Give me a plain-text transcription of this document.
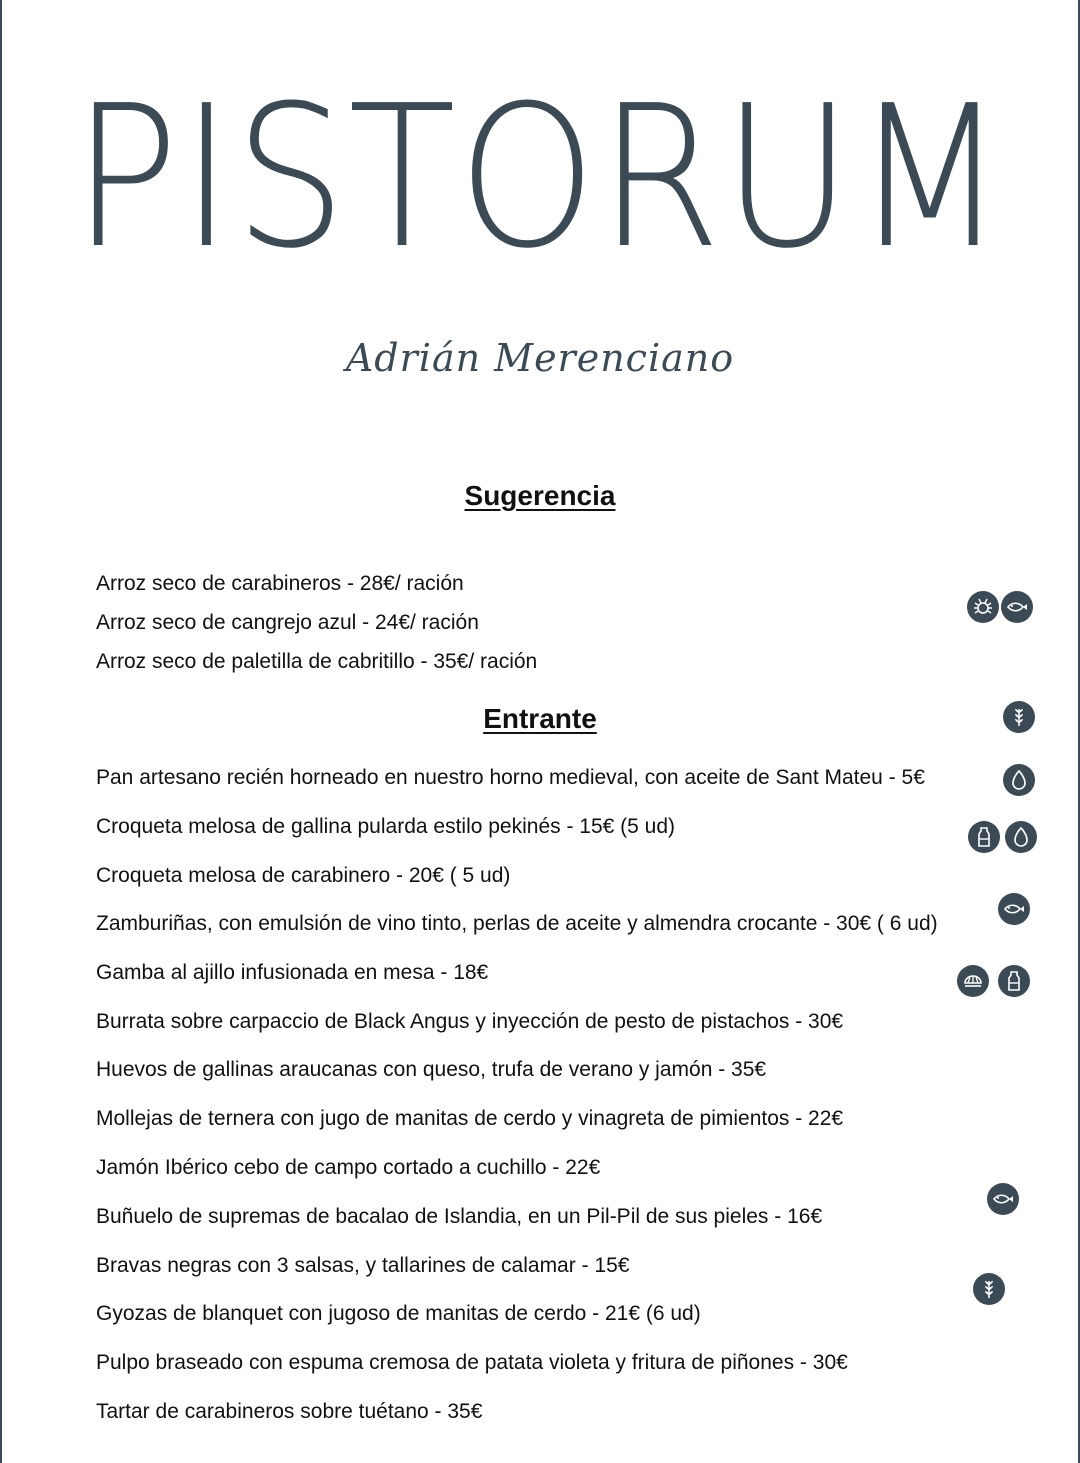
PISTORUM
Adrián Merenciano
Sugerencia
Arroz seco de carabineros - 28€/ ración
Arroz seco de cangrejo azul - 24€/ ración
Arroz seco de paletilla de cabritillo - 35€/ ración
Entrante
Pan artesano recién horneado en nuestro horno medieval, con aceite de Sant Mateu - 5€
Croqueta melosa de gallina pularda estilo pekinés - 15€ (5 ud)
Croqueta melosa de carabinero - 20€ ( 5 ud)
Zamburiñas, con emulsión de vino tinto, perlas de aceite y almendra crocante - 30€ ( 6 ud)
Gamba al ajillo infusionada en mesa - 18€
Burrata sobre carpaccio de Black Angus y inyección de pesto de pistachos - 30€
Huevos de gallinas araucanas con queso, trufa de verano y jamón - 35€
Mollejas de ternera con jugo de manitas de cerdo y vinagreta de pimientos - 22€
Jamón Ibérico cebo de campo cortado a cuchillo - 22€
Buñuelo de supremas de bacalao de Islandia, en un Pil-Pil de sus pieles - 16€
Bravas negras con 3 salsas, y tallarines de calamar - 15€
Gyozas de blanquet con jugoso de manitas de cerdo - 21€ (6 ud)
Pulpo braseado con espuma cremosa de patata violeta y fritura de piñones - 30€
Tartar de carabineros sobre tuétano - 35€
